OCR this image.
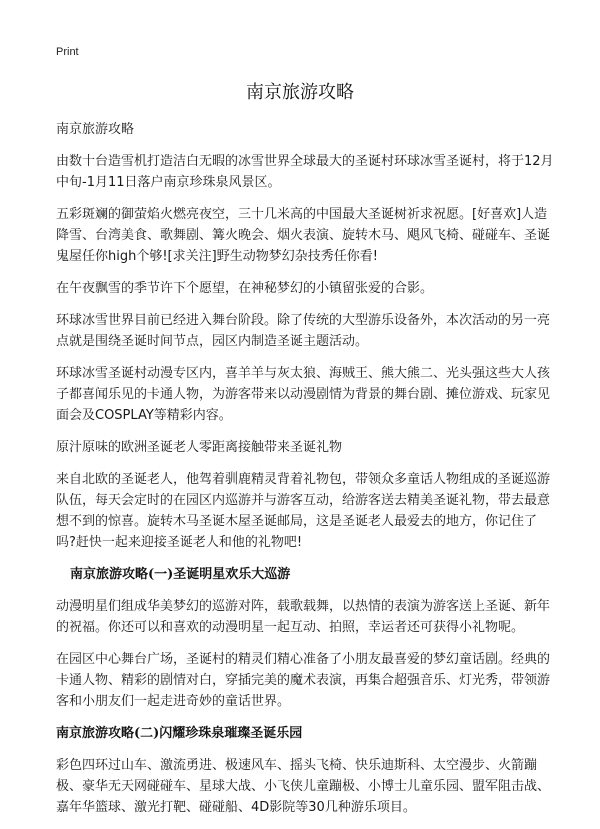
Print
南京旅游攻略

南京旅游攻略

由数十台造雪机打造洁白无暇的冰雪世界全球最大的圣诞村环球冰雪圣诞村，将于12月中旬-1月11日落户南京珍珠泉风景区。

五彩斑斓的御萤焰火燃亮夜空，三十几米高的中国最大圣诞树祈求祝愿。[好喜欢]人造降雪、台湾美食、歌舞剧、篝火晚会、烟火表演、旋转木马、飓风飞椅、碰碰车、圣诞鬼屋任你high个够![求关注]野生动物梦幻杂技秀任你看!

在午夜飘雪的季节许下个愿望，在神秘梦幻的小镇留张爱的合影。

环球冰雪世界目前已经进入舞台阶段。除了传统的大型游乐设备外，本次活动的另一亮点就是围绕圣诞时间节点，园区内制造圣诞主题活动。

环球冰雪圣诞村动漫专区内，喜羊羊与灰太狼、海贼王、熊大熊二、光头强这些大人孩子都喜闻乐见的卡通人物，为游客带来以动漫剧情为背景的舞台剧、摊位游戏、玩家见面会及COSPLAY等精彩内容。

原汁原味的欧洲圣诞老人零距离接触带来圣诞礼物

来自北欧的圣诞老人，他驾着驯鹿精灵背着礼物包，带领众多童话人物组成的圣诞巡游队伍，每天会定时的在园区内巡游并与游客互动，给游客送去精美圣诞礼物，带去最意想不到的惊喜。旋转木马圣诞木屋圣诞邮局，这是圣诞老人最爱去的地方，你记住了吗?赶快一起来迎接圣诞老人和他的礼物吧!

南京旅游攻略(一)圣诞明星欢乐大巡游

动漫明星们组成华美梦幻的巡游对阵，载歌载舞，以热情的表演为游客送上圣诞、新年的祝福。你还可以和喜欢的动漫明星一起互动、拍照，幸运者还可获得小礼物呢。

在园区中心舞台广场，圣诞村的精灵们精心准备了小朋友最喜爱的梦幻童话剧。经典的卡通人物、精彩的剧情对白，穿插完美的魔术表演，再集合超强音乐、灯光秀，带领游客和小朋友们一起走进奇妙的童话世界。

南京旅游攻略(二)闪耀珍珠泉璀璨圣诞乐园

彩色四环过山车、激流勇进、极速风车、摇头飞椅、快乐迪斯科、太空漫步、火箭蹦极、豪华无天网碰碰车、星球大战、小飞侠儿童蹦极、小博士儿童乐园、盟军阻击战、嘉年华篮球、激光打靶、碰碰船、4D影院等30几种游乐项目。
